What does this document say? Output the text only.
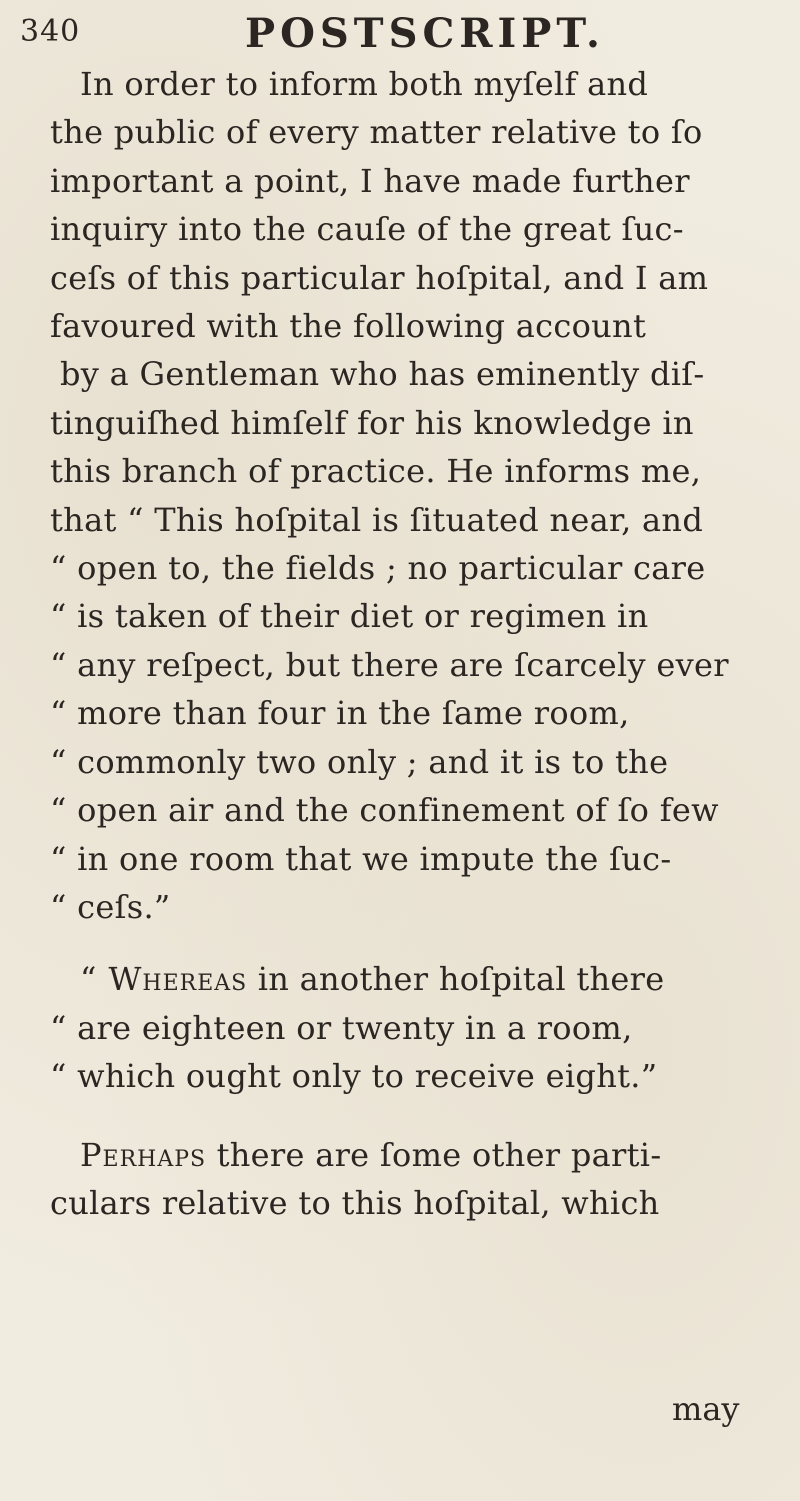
340	POSTSCRIPT.
In order to inform both myſelf and
the public of every matter relative to ſo
important a point, I have made further
inquiry into the cauſe of the great ſuc-
ceſs of this particular hoſpital, and I am
favoured with the following account
by a Gentleman who has eminently diſ-
tinguiſhed himſelf for his knowledge in
this branch of practice. He informs me,
that “ This hoſpital is ſituated near, and
“ open to, the fields ; no particular care
“ is taken of their diet or regimen in
“ any reſpect, but there are ſcarcely ever
“ more than four in the ſame room,
“ commonly two only ; and it is to the
“ open air and the confinement of ſo few
“ in one room that we impute the ſuc-
“ ceſs.”
“ Whereas in another hoſpital there
“ are eighteen or twenty in a room,
“ which ought only to receive eight.”
Perhaps there are ſome other parti-
culars relative to this hoſpital, which
may
